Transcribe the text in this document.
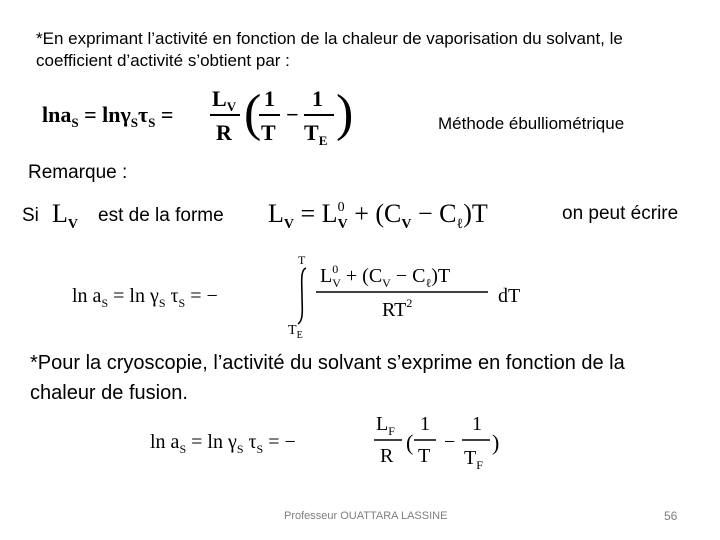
*En exprimant l’activité en fonction de la chaleur de vaporisation du solvant, le
coefficient d’activité s’obtient par :
$\ln a_S = \ln\gamma_S\tau_S$ =
$L_V$
R ( 1
T
−
1
$T_E$ )	Méthode ébulliométrique
Remarque :
Si $L_V$ est de la forme $L_V = L^0$ $V + (C_V - C_\ell)T$	on peut écrire
$\ln a_S = \ln \gamma_S$ $\tau_S$ = −
T
$T_E$
$L^0$ $V + (C_V - C_\ell)T$
$RT^2$	dT
*Pour la cryoscopie, l’activité du solvant s’exprime en fonction de la
chaleur de fusion.
$\ln a_S = \ln \gamma_S$ $\tau_S$ = −
$L_F$
R
(
1
T
−
1
$T_F$
)
Professeur OUATTARA LASSINE	56
